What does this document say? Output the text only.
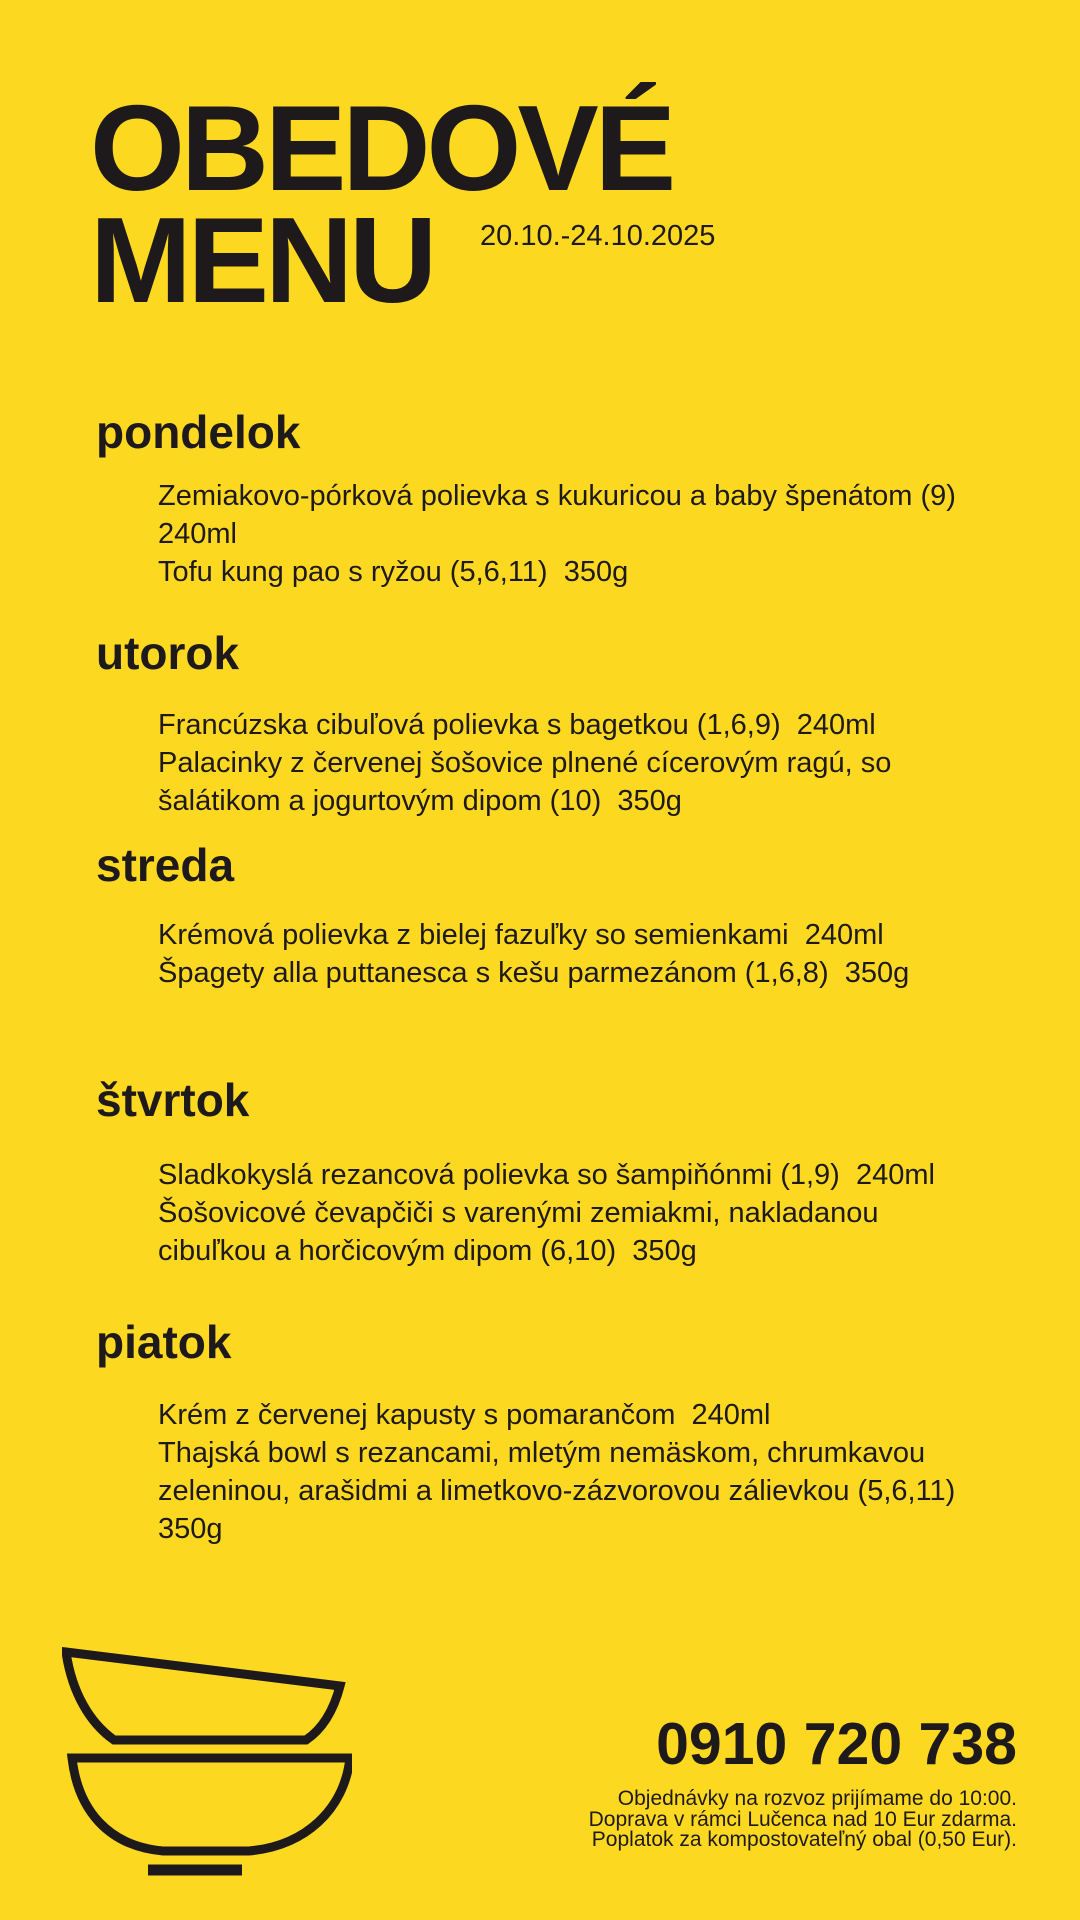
OBEDOVÉ
MENU	20.10.-24.10.2025
pondelok
Zemiakovo-pórková polievka s kukuricou a baby špenátom (9)
240ml
Tofu kung pao s ryžou (5,6,11)  350g
utorok
Francúzska cibuľová polievka s bagetkou (1,6,9)  240ml
Palacinky z červenej šošovice plnené cícerovým ragú, so
šalátikom a jogurtovým dipom (10)  350g
streda
Krémová polievka z bielej fazuľky so semienkami  240ml
Špagety alla puttanesca s kešu parmezánom (1,6,8)  350g
štvrtok
Sladkokyslá rezancová polievka so šampiňónmi (1,9)  240ml
Šošovicové čevapčiči s varenými zemiakmi, nakladanou
cibuľkou a horčicovým dipom (6,10)  350g
piatok
Krém z červenej kapusty s pomarančom  240ml
Thajská bowl s rezancami, mletým nemäskom, chrumkavou
zeleninou, arašidmi a limetkovo-zázvorovou zálievkou (5,6,11)
350g
0910 720 738
Objednávky na rozvoz prijímame do 10:00.
Doprava v rámci Lučenca nad 10 Eur zdarma.
Poplatok za kompostovateľný obal (0,50 Eur).
